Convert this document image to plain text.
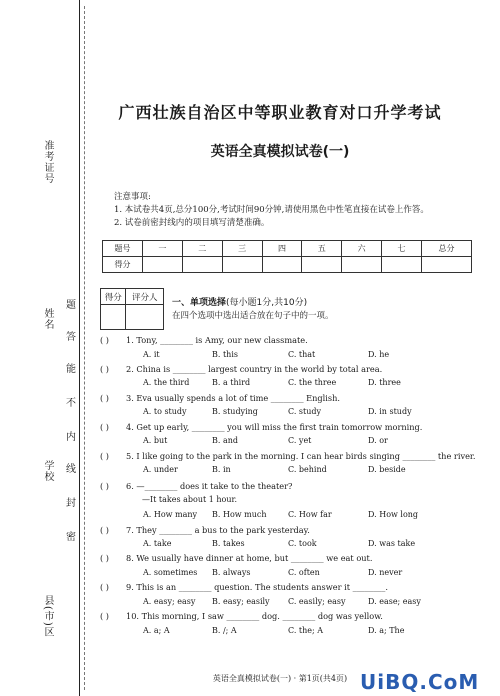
准考证号
姓名
学校
县(市)区
题
答
能
不
内
线
封
密
广西壮族自治区中等职业教育对口升学考试
英语全真模拟试卷(一)
注意事项:
1. 本试卷共4页,总分100分,考试时间90分钟,请使用黑色中性笔直接在试卷上作答。
2. 试卷前密封线内的项目填写清楚准确。
题号	一	二	三	四	五	六	七	总分
得分								
得分	评分人

一、单项选择(每小题1分,共10分)
在四个选项中选出适合放在句子中的一项。
( ) 1. Tony, ________ is Amy, our new classmate.
A. it	B. this	C. that	D. he
( ) 2. China is ________ largest country in the world by total area.
A. the third	B. a third	C. the three	D. three
( ) 3. Eva usually spends a lot of time ________ English.
A. to study	B. studying	C. study	D. in study
( ) 4. Get up early, ________ you will miss the first train tomorrow morning.
A. but	B. and	C. yet	D. or
( ) 5. I like going to the park in the morning. I can hear birds singing ________ the river.
A. under	B. in	C. behind	D. beside
( ) 6. —________ does it take to the theater?
—It takes about 1 hour.
A. How many B. How much	C. How far	D. How long
( ) 7. They ________ a bus to the park yesterday.
A. take	B. takes	C. took	D. was take
( ) 8. We usually have dinner at home, but ________ we eat out.
A. sometimes B. always	C. often	D. never
( ) 9. This is an ________ question. The students answer it ________.
A. easy; easy B. easy; easily C. easily; easy	D. ease; easy
( ) 10. This morning, I saw ________ dog. ________ dog was yellow.
A. a; A	B. /; A	C. the; A	D. a; The
英语全真模拟试卷(一) · 第1页(共4页) UiBQ.CoM
